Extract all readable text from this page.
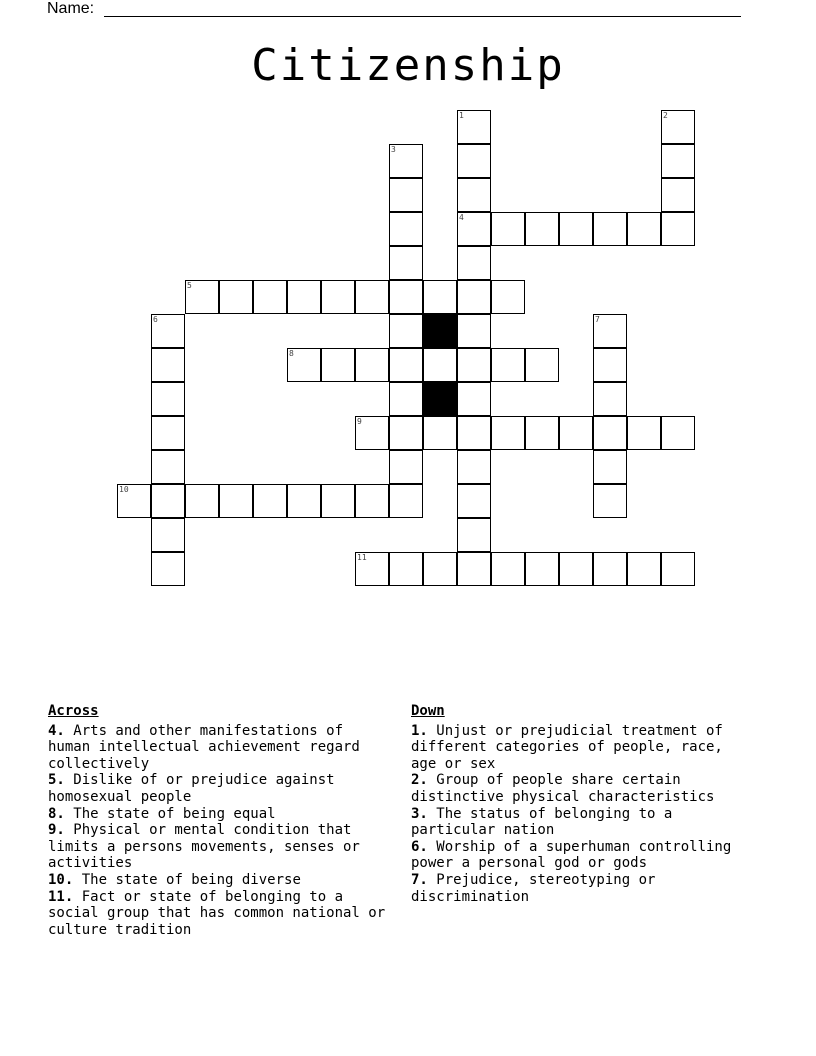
Name:
Citizenship
1	2
3
4
5
6	7
8
9
10
11
Across
4. Arts and other manifestations of human intellectual achievement regard collectively
5. Dislike of or prejudice against homosexual people
8. The state of being equal
9. Physical or mental condition that limits a persons movements, senses or activities
10. The state of being diverse
11. Fact or state of belonging to a social group that has common national or culture tradition
Down
1. Unjust or prejudicial treatment of different categories of people, race, age or sex
2. Group of people share certain distinctive physical characteristics
3. The status of belonging to a particular nation
6. Worship of a superhuman controlling power a personal god or gods
7. Prejudice, stereotyping or discrimination
